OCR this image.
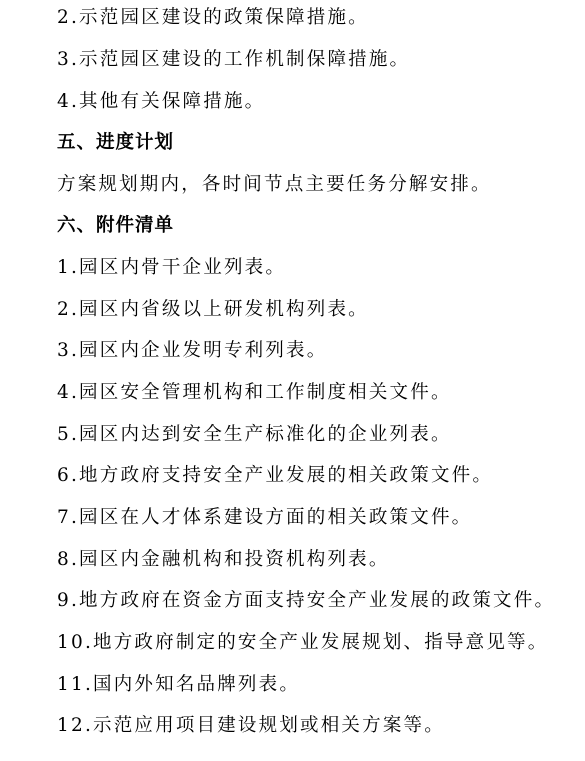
2.示范园区建设的政策保障措施。
3.示范园区建设的工作机制保障措施。
4.其他有关保障措施。
五、进度计划
方案规划期内，各时间节点主要任务分解安排。
六、附件清单
1.园区内骨干企业列表。
2.园区内省级以上研发机构列表。
3.园区内企业发明专利列表。
4.园区安全管理机构和工作制度相关文件。
5.园区内达到安全生产标准化的企业列表。
6.地方政府支持安全产业发展的相关政策文件。
7.园区在人才体系建设方面的相关政策文件。
8.园区内金融机构和投资机构列表。
9.地方政府在资金方面支持安全产业发展的政策文件。
10.地方政府制定的安全产业发展规划、指导意见等。
11.国内外知名品牌列表。
12.示范应用项目建设规划或相关方案等。
